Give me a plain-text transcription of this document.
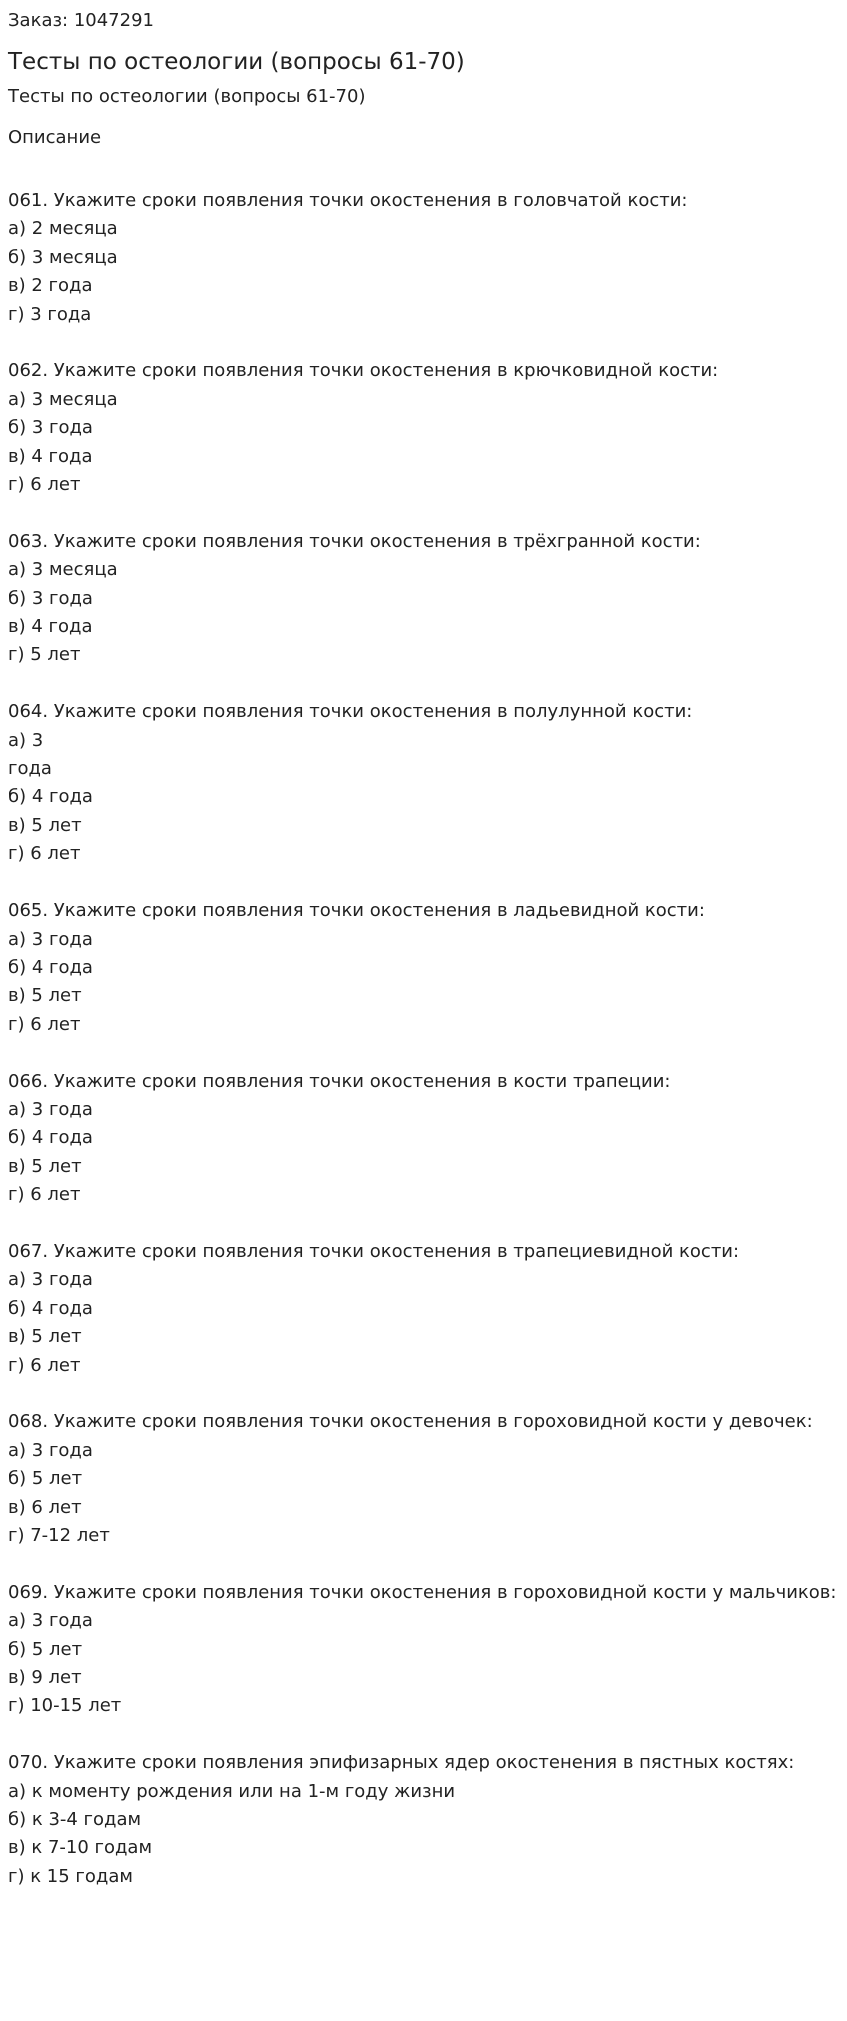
Заказ: 1047291

Тесты по остеологии (вопросы 61-70)

Тесты по остеологии (вопросы 61-70)

Описание

061. Укажите сроки появления точки окостенения в головчатой кости:

а) 2 месяца

б) 3 месяца

в) 2 года

г) 3 года

062. Укажите сроки появления точки окостенения в крючковидной кости:

а) 3 месяца

б) 3 года

в) 4 года

г) 6 лет

063. Укажите сроки появления точки окостенения в трёхгранной кости:

а) 3 месяца

б) 3 года

в) 4 года

г) 5 лет

064. Укажите сроки появления точки окостенения в полулунной кости:

а) 3

года

б) 4 года

в) 5 лет

г) 6 лет

065. Укажите сроки появления точки окостенения в ладьевидной кости:

а) 3 года

б) 4 года

в) 5 лет

г) 6 лет

066. Укажите сроки появления точки окостенения в кости трапеции:

а) 3 года

б) 4 года

в) 5 лет

г) 6 лет

067. Укажите сроки появления точки окостенения в трапециевидной кости:

а) 3 года

б) 4 года

в) 5 лет

г) 6 лет

068. Укажите сроки появления точки окостенения в гороховидной кости у девочек:

а) 3 года

б) 5 лет

в) 6 лет

г) 7-12 лет

069. Укажите сроки появления точки окостенения в гороховидной кости у мальчиков:

а) 3 года

б) 5 лет

в) 9 лет

г) 10-15 лет

070. Укажите сроки появления эпифизарных ядер окостенения в пястных костях:

а) к моменту рождения или на 1-м году жизни

б) к 3-4 годам

в) к 7-10 годам

г) к 15 годам
